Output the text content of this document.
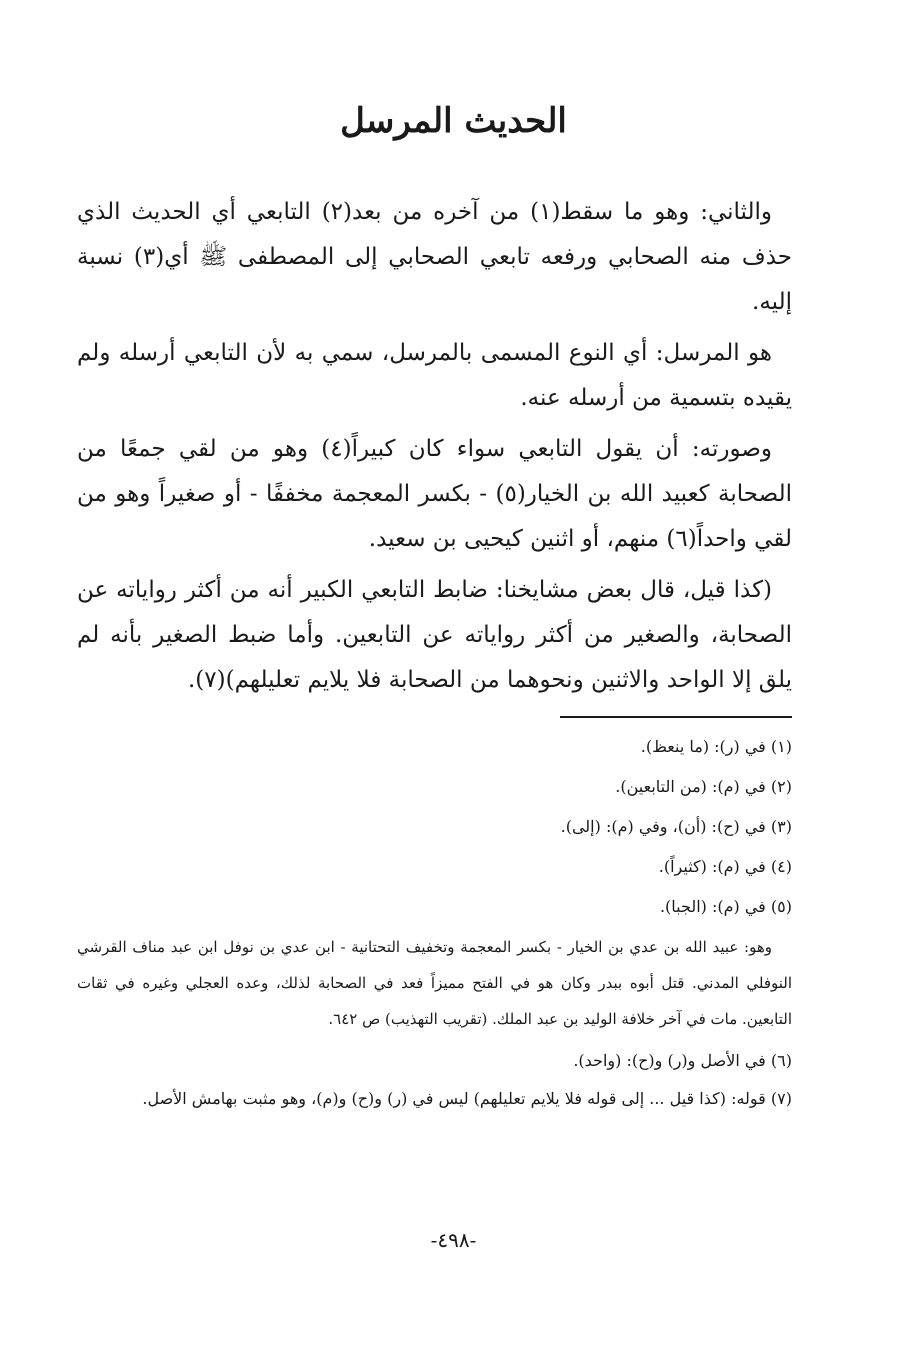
الحديث المرسل

والثاني: وهو ما سقط(١) من آخره من بعد(٢) التابعي أي الحديث الذي حذف منه الصحابي ورفعه تابعي الصحابي إلى المصطفى ﷺ أي(٣) نسبة إليه.

هو المرسل: أي النوع المسمى بالمرسل، سمي به لأن التابعي أرسله ولم يقيده بتسمية من أرسله عنه.

وصورته: أن يقول التابعي سواء كان كبيراً(٤) وهو من لقي جمعًا من الصحابة كعبيد الله بن الخيار(٥) - بكسر المعجمة مخففًا - أو صغيراً وهو من لقي واحداً(٦) منهم، أو اثنين كيحيى بن سعيد.

(كذا قيل، قال بعض مشايخنا: ضابط التابعي الكبير أنه من أكثر رواياته عن الصحابة، والصغير من أكثر رواياته عن التابعين. وأما ضبط الصغير بأنه لم يلق إلا الواحد والاثنين ونحوهما من الصحابة فلا يلايم تعليلهم)(٧).

(١) في (ر): (ما ينعظ).

(٢) في (م): (من التابعين).

(٣) في (ح): (أن)، وفي (م): (إلى).

(٤) في (م): (كثيراً).

(٥) في (م): (الجبا).

وهو: عبيد الله بن عدي بن الخيار - بكسر المعجمة وتخفيف التحتانية - ابن عدي بن نوفل ابن عبد مناف القرشي النوفلي المدني. قتل أبوه ببدر وكان هو في الفتح مميزاً فعد في الصحابة لذلك، وعده العجلي وغيره في ثقات التابعين. مات في آخر خلافة الوليد بن عبد الملك. (تقريب التهذيب) ص ٦٤٢.

(٦) في الأصل و(ر) و(ح): (واحد).

(٧) قوله: (كذا قيل ... إلى قوله فلا يلايم تعليلهم) ليس في (ر) و(ح) و(م)، وهو مثبت بهامش الأصل.

-٤٩٨-
